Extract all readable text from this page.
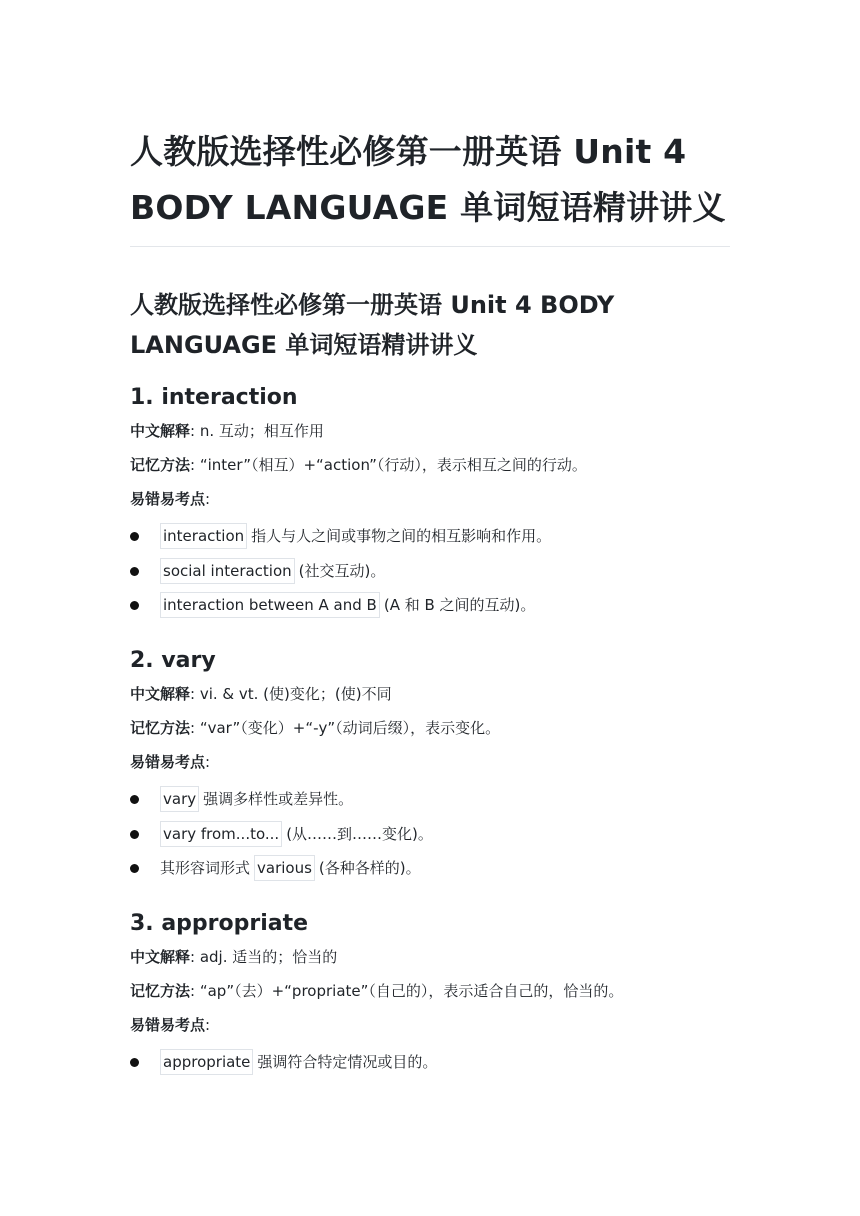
人教版选择性必修第一册英语 Unit 4 BODY LANGUAGE 单词短语精讲讲义
人教版选择性必修第一册英语 Unit 4 BODY LANGUAGE 单词短语精讲讲义
1. interaction

中文解释: n. 互动；相互作用

记忆方法: “inter”（相互）+“action”（行动），表示相互之间的行动。

易错易考点:

interaction 指人与人之间或事物之间的相互影响和作用。
social interaction (社交互动)。
interaction between A and B (A 和 B 之间的互动)。
2. vary

中文解释: vi. & vt. (使)变化；(使)不同

记忆方法: “var”（变化）+“-y”（动词后缀），表示变化。

易错易考点:

vary 强调多样性或差异性。
vary from...to... (从……到……变化)。
其形容词形式 various (各种各样的)。
3. appropriate

中文解释: adj. 适当的；恰当的

记忆方法: “ap”（去）+“propriate”（自己的），表示适合自己的，恰当的。

易错易考点:

appropriate 强调符合特定情况或目的。
